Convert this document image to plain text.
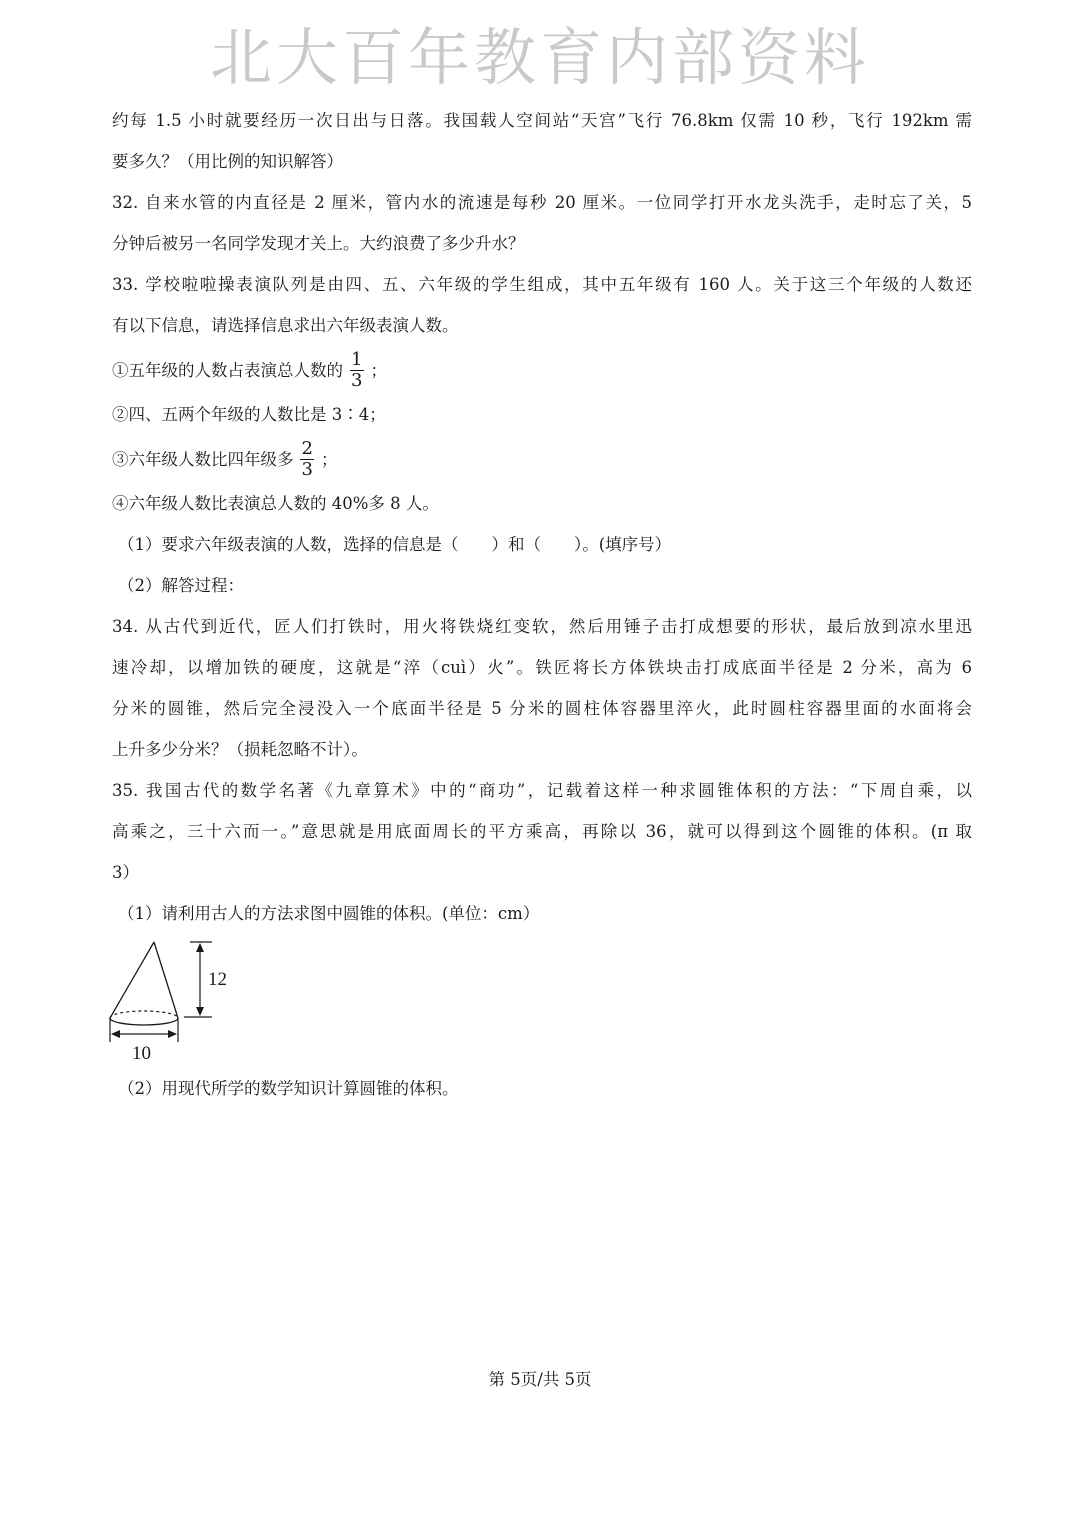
北大百年教育内部资料
约每 1.5 小时就要经历一次日出与日落。我国载人空间站“天宫”飞行 76.8km 仅需 10 秒，飞行 192km 需
要多久？（用比例的知识解答）
32. 自来水管的内直径是 2 厘米，管内水的流速是每秒 20 厘米。一位同学打开水龙头洗手，走时忘了关，5
分钟后被另一名同学发现才关上。大约浪费了多少升水？
33. 学校啦啦操表演队列是由四、五、六年级的学生组成，其中五年级有 160 人。关于这三个年级的人数还
有以下信息，请选择信息求出六年级表演人数。
①五年级的人数占表演总人数的 $\frac{1}{3}$ ；
②四、五两个年级的人数比是 3∶4；
③六年级人数比四年级多 $\frac{2}{3}$ ；
④六年级人数比表演总人数的 40%多 8 人。
（1）要求六年级表演的人数，选择的信息是（　　）和（　　）。(填序号）
（2）解答过程：
34. 从古代到近代，匠人们打铁时，用火将铁烧红变软，然后用锤子击打成想要的形状，最后放到凉水里迅
速冷却，以增加铁的硬度，这就是“淬（cuì）火”。铁匠将长方体铁块击打成底面半径是 2 分米，高为 6
分米的圆锥，然后完全浸没入一个底面半径是 5 分米的圆柱体容器里淬火，此时圆柱容器里面的水面将会
上升多少分米？（损耗忽略不计）。
35. 我国古代的数学名著《九章算术》中的“商功”，记载着这样一种求圆锥体积的方法：“下周自乘，以
高乘之，三十六而一。”意思就是用底面周长的平方乘高，再除以 36，就可以得到这个圆锥的体积。(π 取
3）
（1）请利用古人的方法求图中圆锥的体积。(单位：cm）
12
10
（2）用现代所学的数学知识计算圆锥的体积。
第 5页/共 5页
